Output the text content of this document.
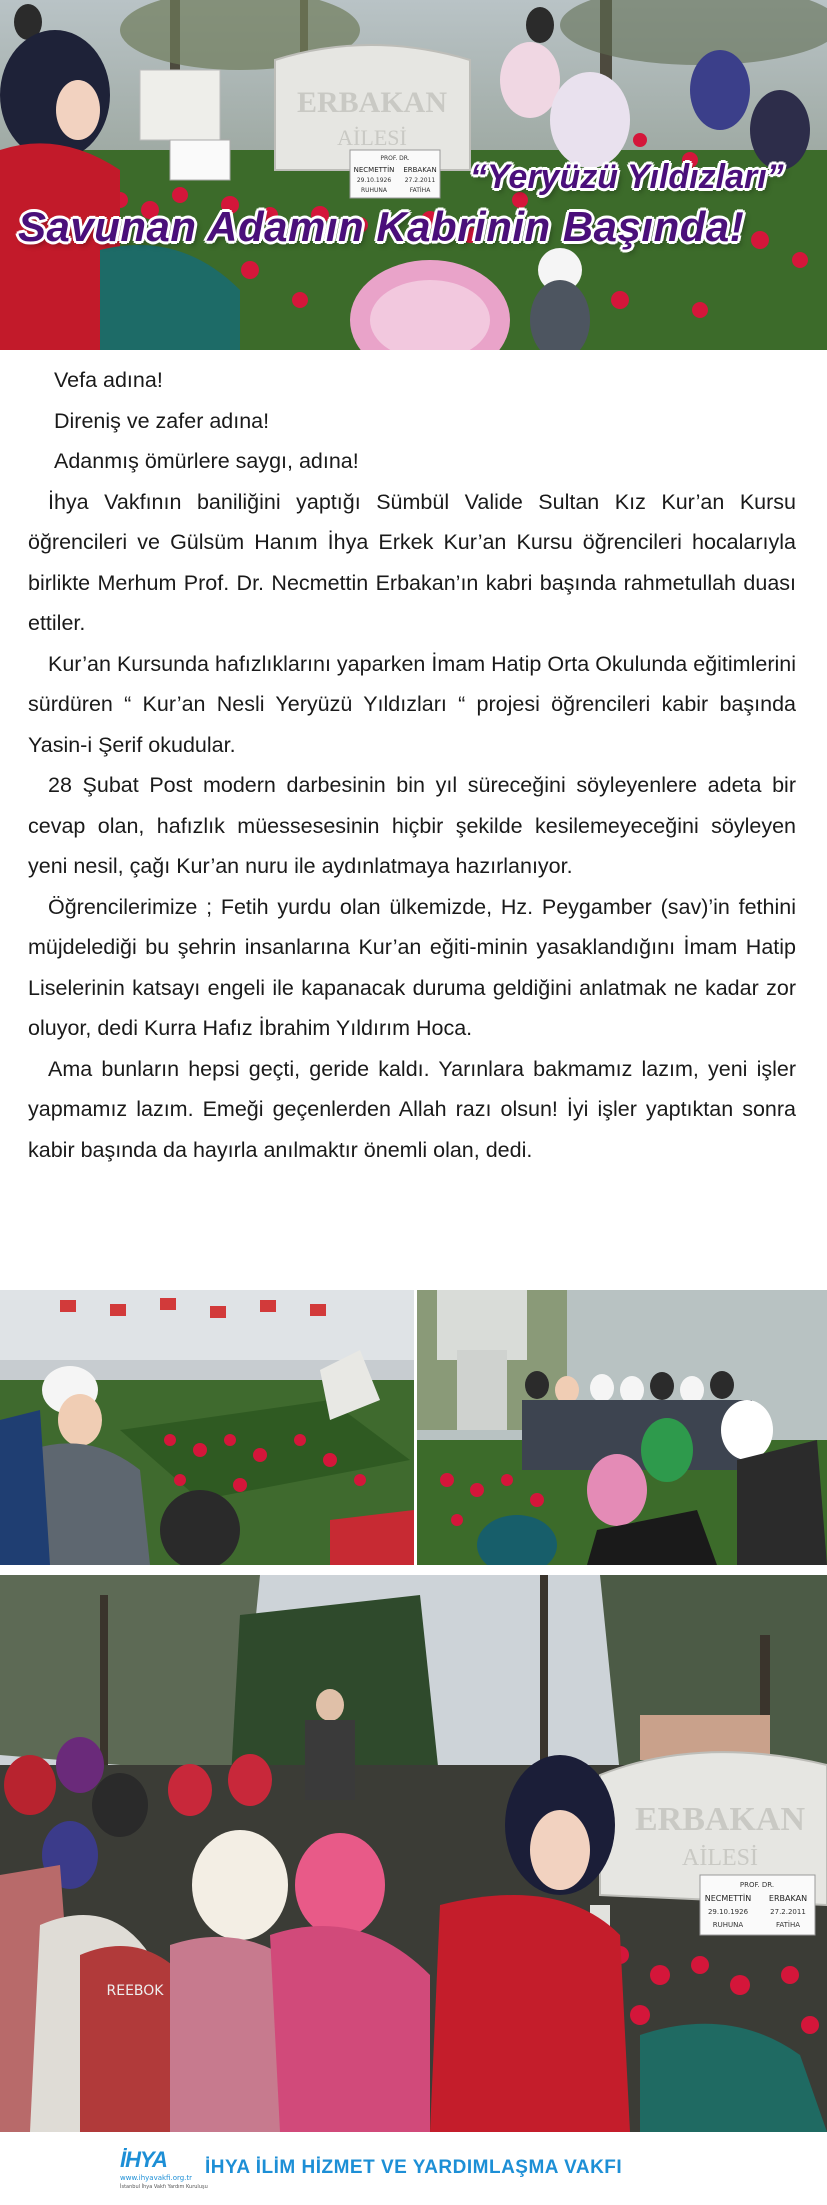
ERBAKAN
AİLESİ
PROF. DR.
NECMETTİN ERBAKAN
29.10.1926 27.2.2011
RUHUNA	FATİHA “Yeryüzü Yıldızları”
Savunan Adamın Kabrinin Başında!

Vefa adına!

Direniş ve zafer adına!

Adanmış ömürlere saygı, adına!

İhya Vakfının baniliğini yaptığı Sümbül Valide Sultan Kız Kur’an Kursu öğrencileri ve Gülsüm Hanım İhya Erkek Kur’an Kursu öğrencileri hocalarıyla birlikte Merhum Prof. Dr. Necmettin Erbakan’ın kabri başında rahmetullah duası ettiler.

Kur’an Kursunda hafızlıklarını yaparken İmam Hatip Orta Okulunda eğitimlerini sürdüren “ Kur’an Nesli Yeryüzü Yıldızları “ projesi öğrencileri kabir başında Yasin-i Şerif okudular.

28 Şubat Post modern darbesinin bin yıl süreceğini söyleyenlere adeta bir cevap olan, hafızlık müessesesinin hiçbir şekilde kesilemeyeceğini söyleyen yeni nesil, çağı Kur’an nuru ile aydınlatmaya hazırlanıyor.

Öğrencilerimize ; Fetih yurdu olan ülkemizde, Hz. Peygamber (sav)’in fethini müjdelediği bu şehrin insanlarına Kur’an eğiti-minin yasaklandığını İmam Hatip Liselerinin katsayı engeli ile kapanacak duruma geldiğini anlatmak ne kadar zor oluyor, dedi Kurra Hafız İbrahim Yıldırım Hoca.

Ama bunların hepsi geçti, geride kaldı. Yarınlara bakmamız lazım, yeni işler yapmamız lazım. Emeği geçenlerden Allah razı olsun! İyi işler yaptıktan sonra kabir başında da hayırla anılmaktır önemli olan, dedi.

ERBAKAN
AİLESİ
PROF. DR.
NECMETTİN ERBAKAN
29.10.1926	27.2.2011
RUHUNA	FATİHA
REEBOK
İHYA
www.ihyavakfi.org.tr
İstanbul İhya Vakfı Yardım Kuruluşu
İHYA İLİM HİZMET VE YARDIMLAŞMA VAKFI
